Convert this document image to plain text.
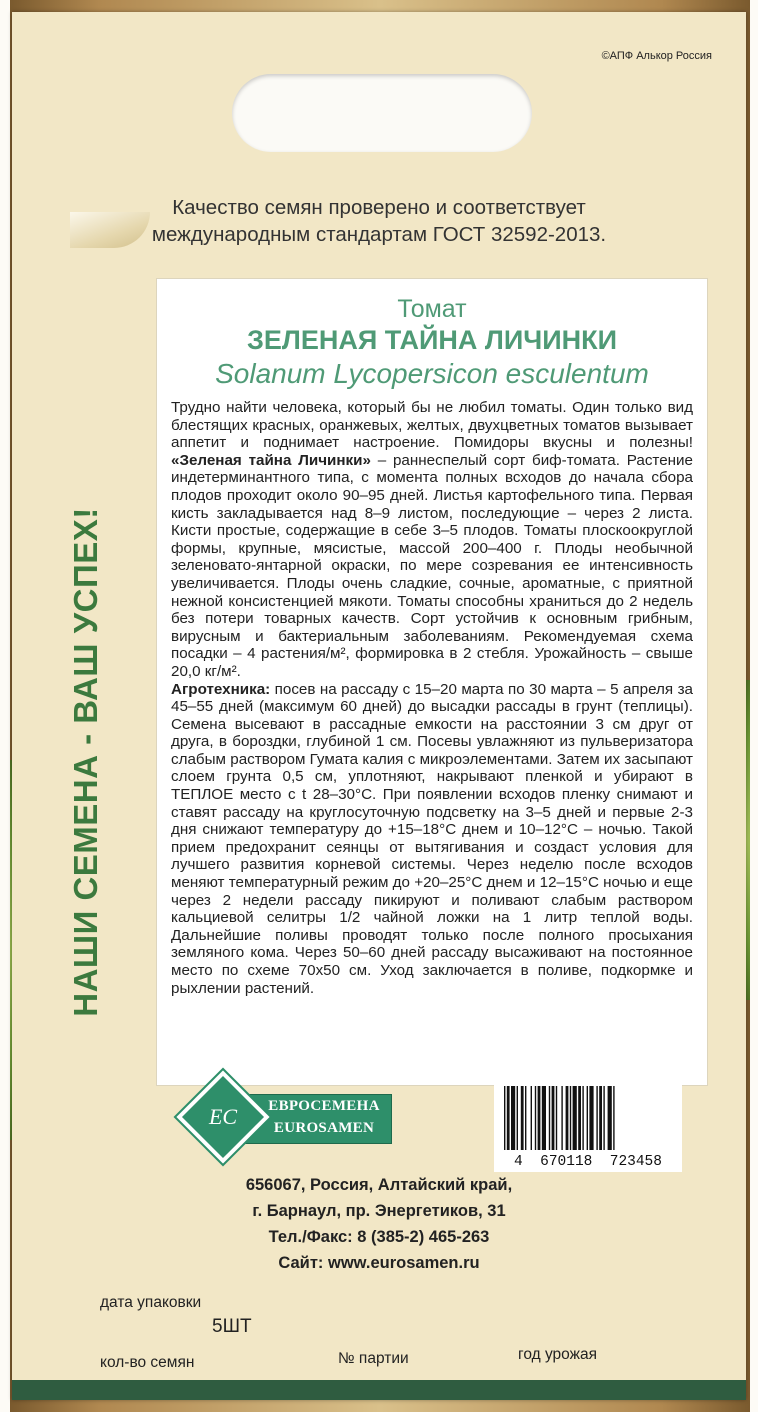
©АПФ Алькор Россия
Качество семян проверено и соответствует
международным стандартам ГОСТ 32592-2013.
НАШИ СЕМЕНА - ВАШ УСПЕХ!

Томат

ЗЕЛЕНАЯ ТАЙНА ЛИЧИНКИ

Solanum Lycopersicon esculentum

Трудно найти человека, который бы не любил томаты. Один только вид блестящих красных, оранжевых, желтых, двухцветных томатов вызывает аппетит и поднимает настроение. Помидоры вкусны и полезны! «Зеленая тайна Личинки» – раннеспелый сорт биф-томата. Растение индетерминантного типа, с момента полных всходов до начала сбора плодов проходит около 90–95 дней. Листья картофельного типа. Первая кисть закладывается над 8–9 листом, последующие – через 2 листа. Кисти простые, содержащие в себе 3–5 плодов. Томаты плоскоокруглой формы, крупные, мясистые, массой 200–400 г. Плоды необычной зеленовато-янтарной окраски, по мере созревания ее интенсивность увеличивается. Плоды очень сладкие, сочные, ароматные, с приятной нежной консистенцией мякоти. Томаты способны храниться до 2 недель без потери товарных качеств. Сорт устойчив к основным грибным, вирусным и бактериальным заболеваниям. Рекомендуемая схема посадки – 4 растения/м², формировка в 2 стебля. Урожайность – свыше 20,0 кг/м².
Агротехника: посев на рассаду с 15–20 марта по 30 марта – 5 апреля за 45–55 дней (максимум 60 дней) до высадки рассады в грунт (теплицы). Семена высевают в рассадные емкости на расстоянии 3 см друг от друга, в бороздки, глубиной 1 см. Посевы увлажняют из пульверизатора слабым раствором Гумата калия с микроэлементами. Затем их засыпают слоем грунта 0,5 см, уплотняют, накрывают пленкой и убирают в ТЕПЛОЕ место с t 28–30°С. При появлении всходов пленку снимают и ставят рассаду на круглосуточную подсветку на 3–5 дней и первые 2-3 дня снижают температуру до +15–18°С днем и 10–12°С – ночью. Такой прием предохранит сеянцы от вытягивания и создаст условия для лучшего развития корневой системы. Через неделю после всходов меняют температурный режим до +20–25°С днем и 12–15°С ночью и еще через 2 недели рассаду пикируют и поливают слабым раствором кальциевой селитры 1/2 чайной ложки на 1 литр теплой воды. Дальнейшие поливы проводят только после полного просыхания земляного кома. Через 50–60 дней рассаду высаживают на постоянное место по схеме 70х50 см. Уход заключается в поливе, подкормке и рыхлении растений.
ЕВРОСЕМЕНА
EUROSAMEN
ЕС
4  670118  723458
656067, Россия, Алтайский край,
г. Барнаул, пр. Энергетиков, 31
Тел./Факс: 8 (385-2) 465-263
Сайт: www.eurosamen.ru
дата упаковки
5ШТ
кол-во семян	№ партии	год урожая
